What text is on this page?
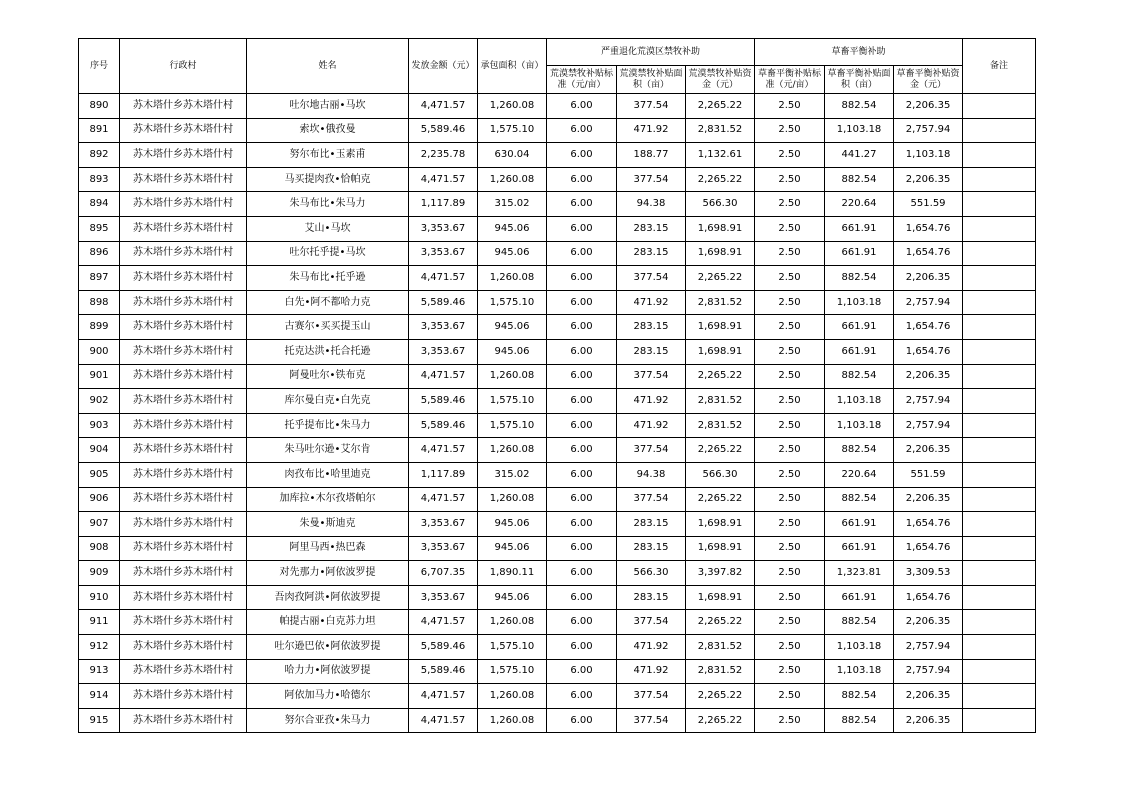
序号	行政村	姓名	发放金额（元）	承包面积（亩）	严重退化荒漠区禁牧补助			草畜平衡补助			备注
					荒漠禁牧补贴标准（元/亩）	荒漠禁牧补贴面积（亩）	荒漠禁牧补贴资金（元）	草畜平衡补贴标准（元/亩）	草畜平衡补贴面积（亩）	草畜平衡补贴资金（元）	
890	苏木塔什乡苏木塔什村	吐尔地古丽•马坎	4,471.57	1,260.08	6.00	377.54	2,265.22	2.50	882.54	2,206.35	
891	苏木塔什乡苏木塔什村	索坎•俄孜曼	5,589.46	1,575.10	6.00	471.92	2,831.52	2.50	1,103.18	2,757.94	
892	苏木塔什乡苏木塔什村	努尔布比•玉素甫	2,235.78	630.04	6.00	188.77	1,132.61	2.50	441.27	1,103.18	
893	苏木塔什乡苏木塔什村	马买提肉孜•恰帕克	4,471.57	1,260.08	6.00	377.54	2,265.22	2.50	882.54	2,206.35	
894	苏木塔什乡苏木塔什村	朱马布比•朱马力	1,117.89	315.02	6.00	94.38	566.30	2.50	220.64	551.59	
895	苏木塔什乡苏木塔什村	艾山•马坎	3,353.67	945.06	6.00	283.15	1,698.91	2.50	661.91	1,654.76	
896	苏木塔什乡苏木塔什村	吐尔托乎提•马坎	3,353.67	945.06	6.00	283.15	1,698.91	2.50	661.91	1,654.76	
897	苏木塔什乡苏木塔什村	朱马布比•托乎逊	4,471.57	1,260.08	6.00	377.54	2,265.22	2.50	882.54	2,206.35	
898	苏木塔什乡苏木塔什村	白先•阿不都哈力克	5,589.46	1,575.10	6.00	471.92	2,831.52	2.50	1,103.18	2,757.94	
899	苏木塔什乡苏木塔什村	古赛尔•买买提玉山	3,353.67	945.06	6.00	283.15	1,698.91	2.50	661.91	1,654.76	
900	苏木塔什乡苏木塔什村	托克达洪•托合托逊	3,353.67	945.06	6.00	283.15	1,698.91	2.50	661.91	1,654.76	
901	苏木塔什乡苏木塔什村	阿曼吐尔•铁布克	4,471.57	1,260.08	6.00	377.54	2,265.22	2.50	882.54	2,206.35	
902	苏木塔什乡苏木塔什村	库尔曼白克•白先克	5,589.46	1,575.10	6.00	471.92	2,831.52	2.50	1,103.18	2,757.94	
903	苏木塔什乡苏木塔什村	托乎提布比•朱马力	5,589.46	1,575.10	6.00	471.92	2,831.52	2.50	1,103.18	2,757.94	
904	苏木塔什乡苏木塔什村	朱马吐尔逊•艾尔肯	4,471.57	1,260.08	6.00	377.54	2,265.22	2.50	882.54	2,206.35	
905	苏木塔什乡苏木塔什村	肉孜布比•哈里迪克	1,117.89	315.02	6.00	94.38	566.30	2.50	220.64	551.59	
906	苏木塔什乡苏木塔什村	加库拉•木尔孜塔帕尔	4,471.57	1,260.08	6.00	377.54	2,265.22	2.50	882.54	2,206.35	
907	苏木塔什乡苏木塔什村	朱曼•斯迪克	3,353.67	945.06	6.00	283.15	1,698.91	2.50	661.91	1,654.76	
908	苏木塔什乡苏木塔什村	阿里马西•热巴森	3,353.67	945.06	6.00	283.15	1,698.91	2.50	661.91	1,654.76	
909	苏木塔什乡苏木塔什村	对先那力•阿依波罗提	6,707.35	1,890.11	6.00	566.30	3,397.82	2.50	1,323.81	3,309.53	
910	苏木塔什乡苏木塔什村	吾肉孜阿洪•阿依波罗提	3,353.67	945.06	6.00	283.15	1,698.91	2.50	661.91	1,654.76	
911	苏木塔什乡苏木塔什村	帕提古丽•白克苏力坦	4,471.57	1,260.08	6.00	377.54	2,265.22	2.50	882.54	2,206.35	
912	苏木塔什乡苏木塔什村	吐尔逊巴依•阿依波罗提	5,589.46	1,575.10	6.00	471.92	2,831.52	2.50	1,103.18	2,757.94	
913	苏木塔什乡苏木塔什村	哈力力•阿依波罗提	5,589.46	1,575.10	6.00	471.92	2,831.52	2.50	1,103.18	2,757.94	
914	苏木塔什乡苏木塔什村	阿依加马力•哈德尔	4,471.57	1,260.08	6.00	377.54	2,265.22	2.50	882.54	2,206.35	
915	苏木塔什乡苏木塔什村	努尔合亚孜•朱马力	4,471.57	1,260.08	6.00	377.54	2,265.22	2.50	882.54	2,206.35	
